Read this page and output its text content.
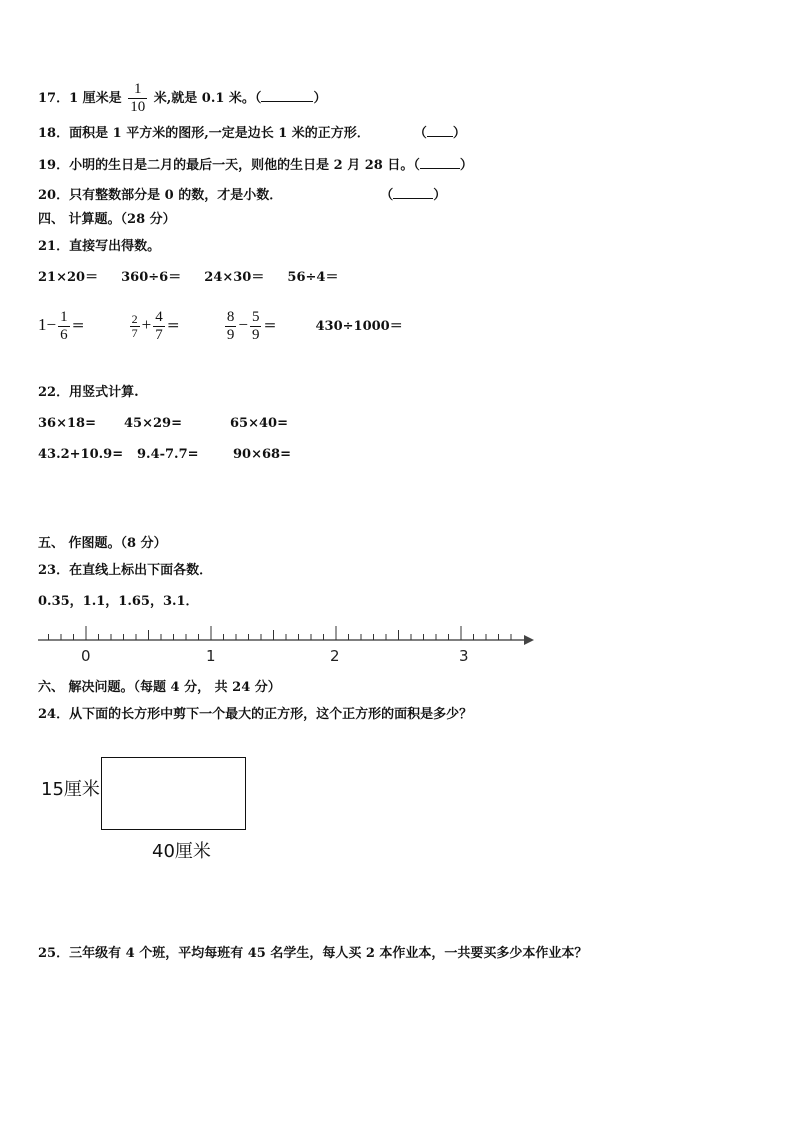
17．1 厘米是 $\frac{1}{10}$ 米,就是 0.1 米。（	）
18．面积是 1 平方米的图形,一定是边长 1 米的正方形．	（ ）
19．小明的生日是二月的最后一天，则他的生日是 2 月 28 日。（	）
20．只有整数部分是 0 的数，才是小数．	（	）
四、 计算题。（28 分）
21．直接写出得数。
21×20＝ 360÷6＝ 24×30＝ 56÷4＝
$1- \frac{1}{6}$ ＝	$\frac{2}{7} + \frac{4}{7}$ ＝	$\frac{8}{9} - \frac{5}{9}$ ＝	430÷1000＝
22．用竖式计算.
36×18= 45×29=	65×40=
43.2+10.9= 9.4-7.7=	90×68=
五、 作图题。（8 分）
23．在直线上标出下面各数．
0.35，1.1，1.65，3.1．
0	1	2	3
六、 解决问题。（每题 4 分， 共 24 分）
24．从下面的长方形中剪下一个最大的正方形，这个正方形的面积是多少？
15厘米
40厘米
25．三年级有 4 个班，平均每班有 45 名学生，每人买 2 本作业本，一共要买多少本作业本？
